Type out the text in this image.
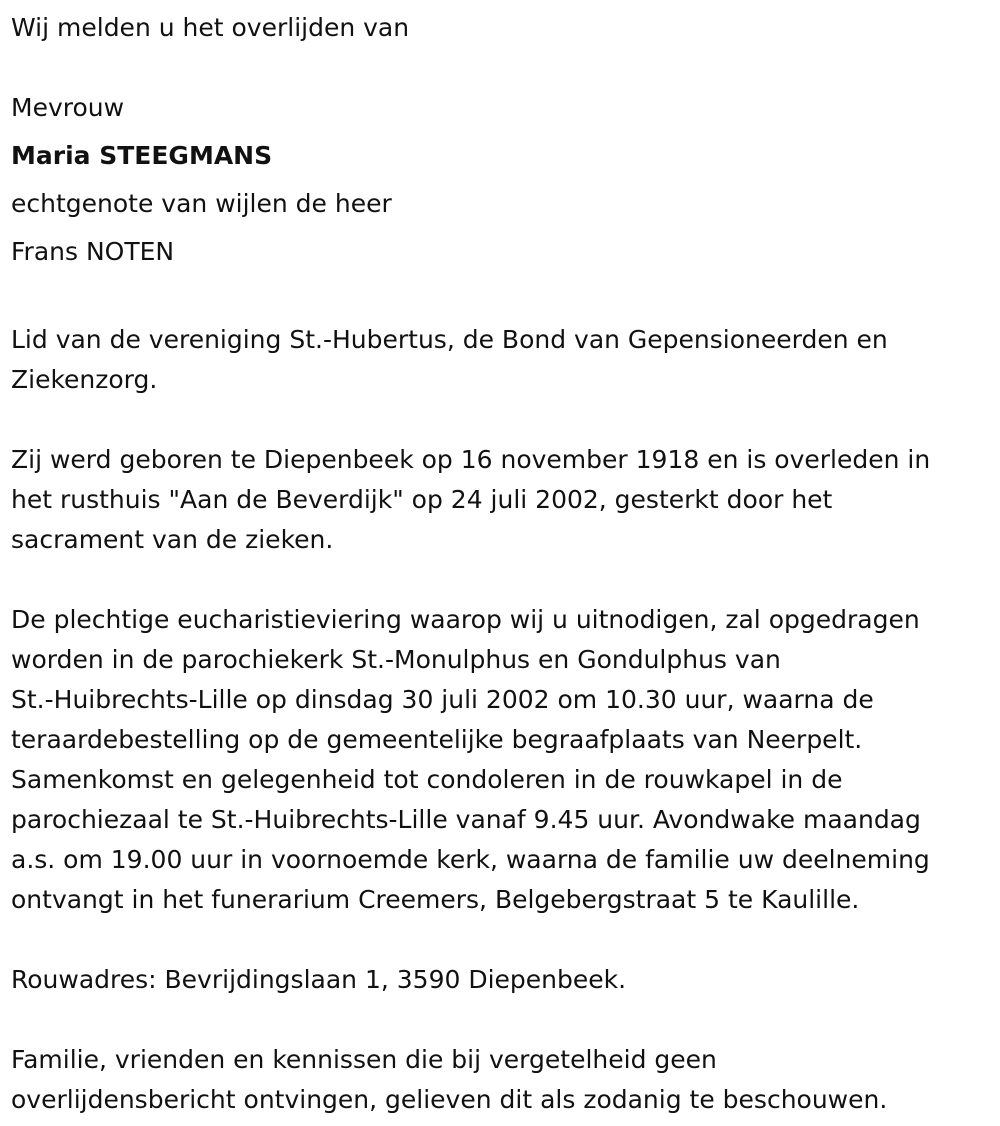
Wij melden u het overlijden van
Mevrouw
Maria STEEGMANS
echtgenote van wijlen de heer
Frans NOTEN
Lid van de vereniging St.-Hubertus, de Bond van Gepensioneerden en
Ziekenzorg.
Zij werd geboren te Diepenbeek op 16 november 1918 en is overleden in
het rusthuis "Aan de Beverdijk" op 24 juli 2002, gesterkt door het
sacrament van de zieken.
De plechtige eucharistieviering waarop wij u uitnodigen, zal opgedragen
worden in de parochiekerk St.-Monulphus en Gondulphus van
St.-Huibrechts-Lille op dinsdag 30 juli 2002 om 10.30 uur, waarna de
teraardebestelling op de gemeentelijke begraafplaats van Neerpelt.
Samenkomst en gelegenheid tot condoleren in de rouwkapel in de
parochiezaal te St.-Huibrechts-Lille vanaf 9.45 uur. Avondwake maandag
a.s. om 19.00 uur in voornoemde kerk, waarna de familie uw deelneming
ontvangt in het funerarium Creemers, Belgebergstraat 5 te Kaulille.
Rouwadres: Bevrijdingslaan 1, 3590 Diepenbeek.
Familie, vrienden en kennissen die bij vergetelheid geen
overlijdensbericht ontvingen, gelieven dit als zodanig te beschouwen.
